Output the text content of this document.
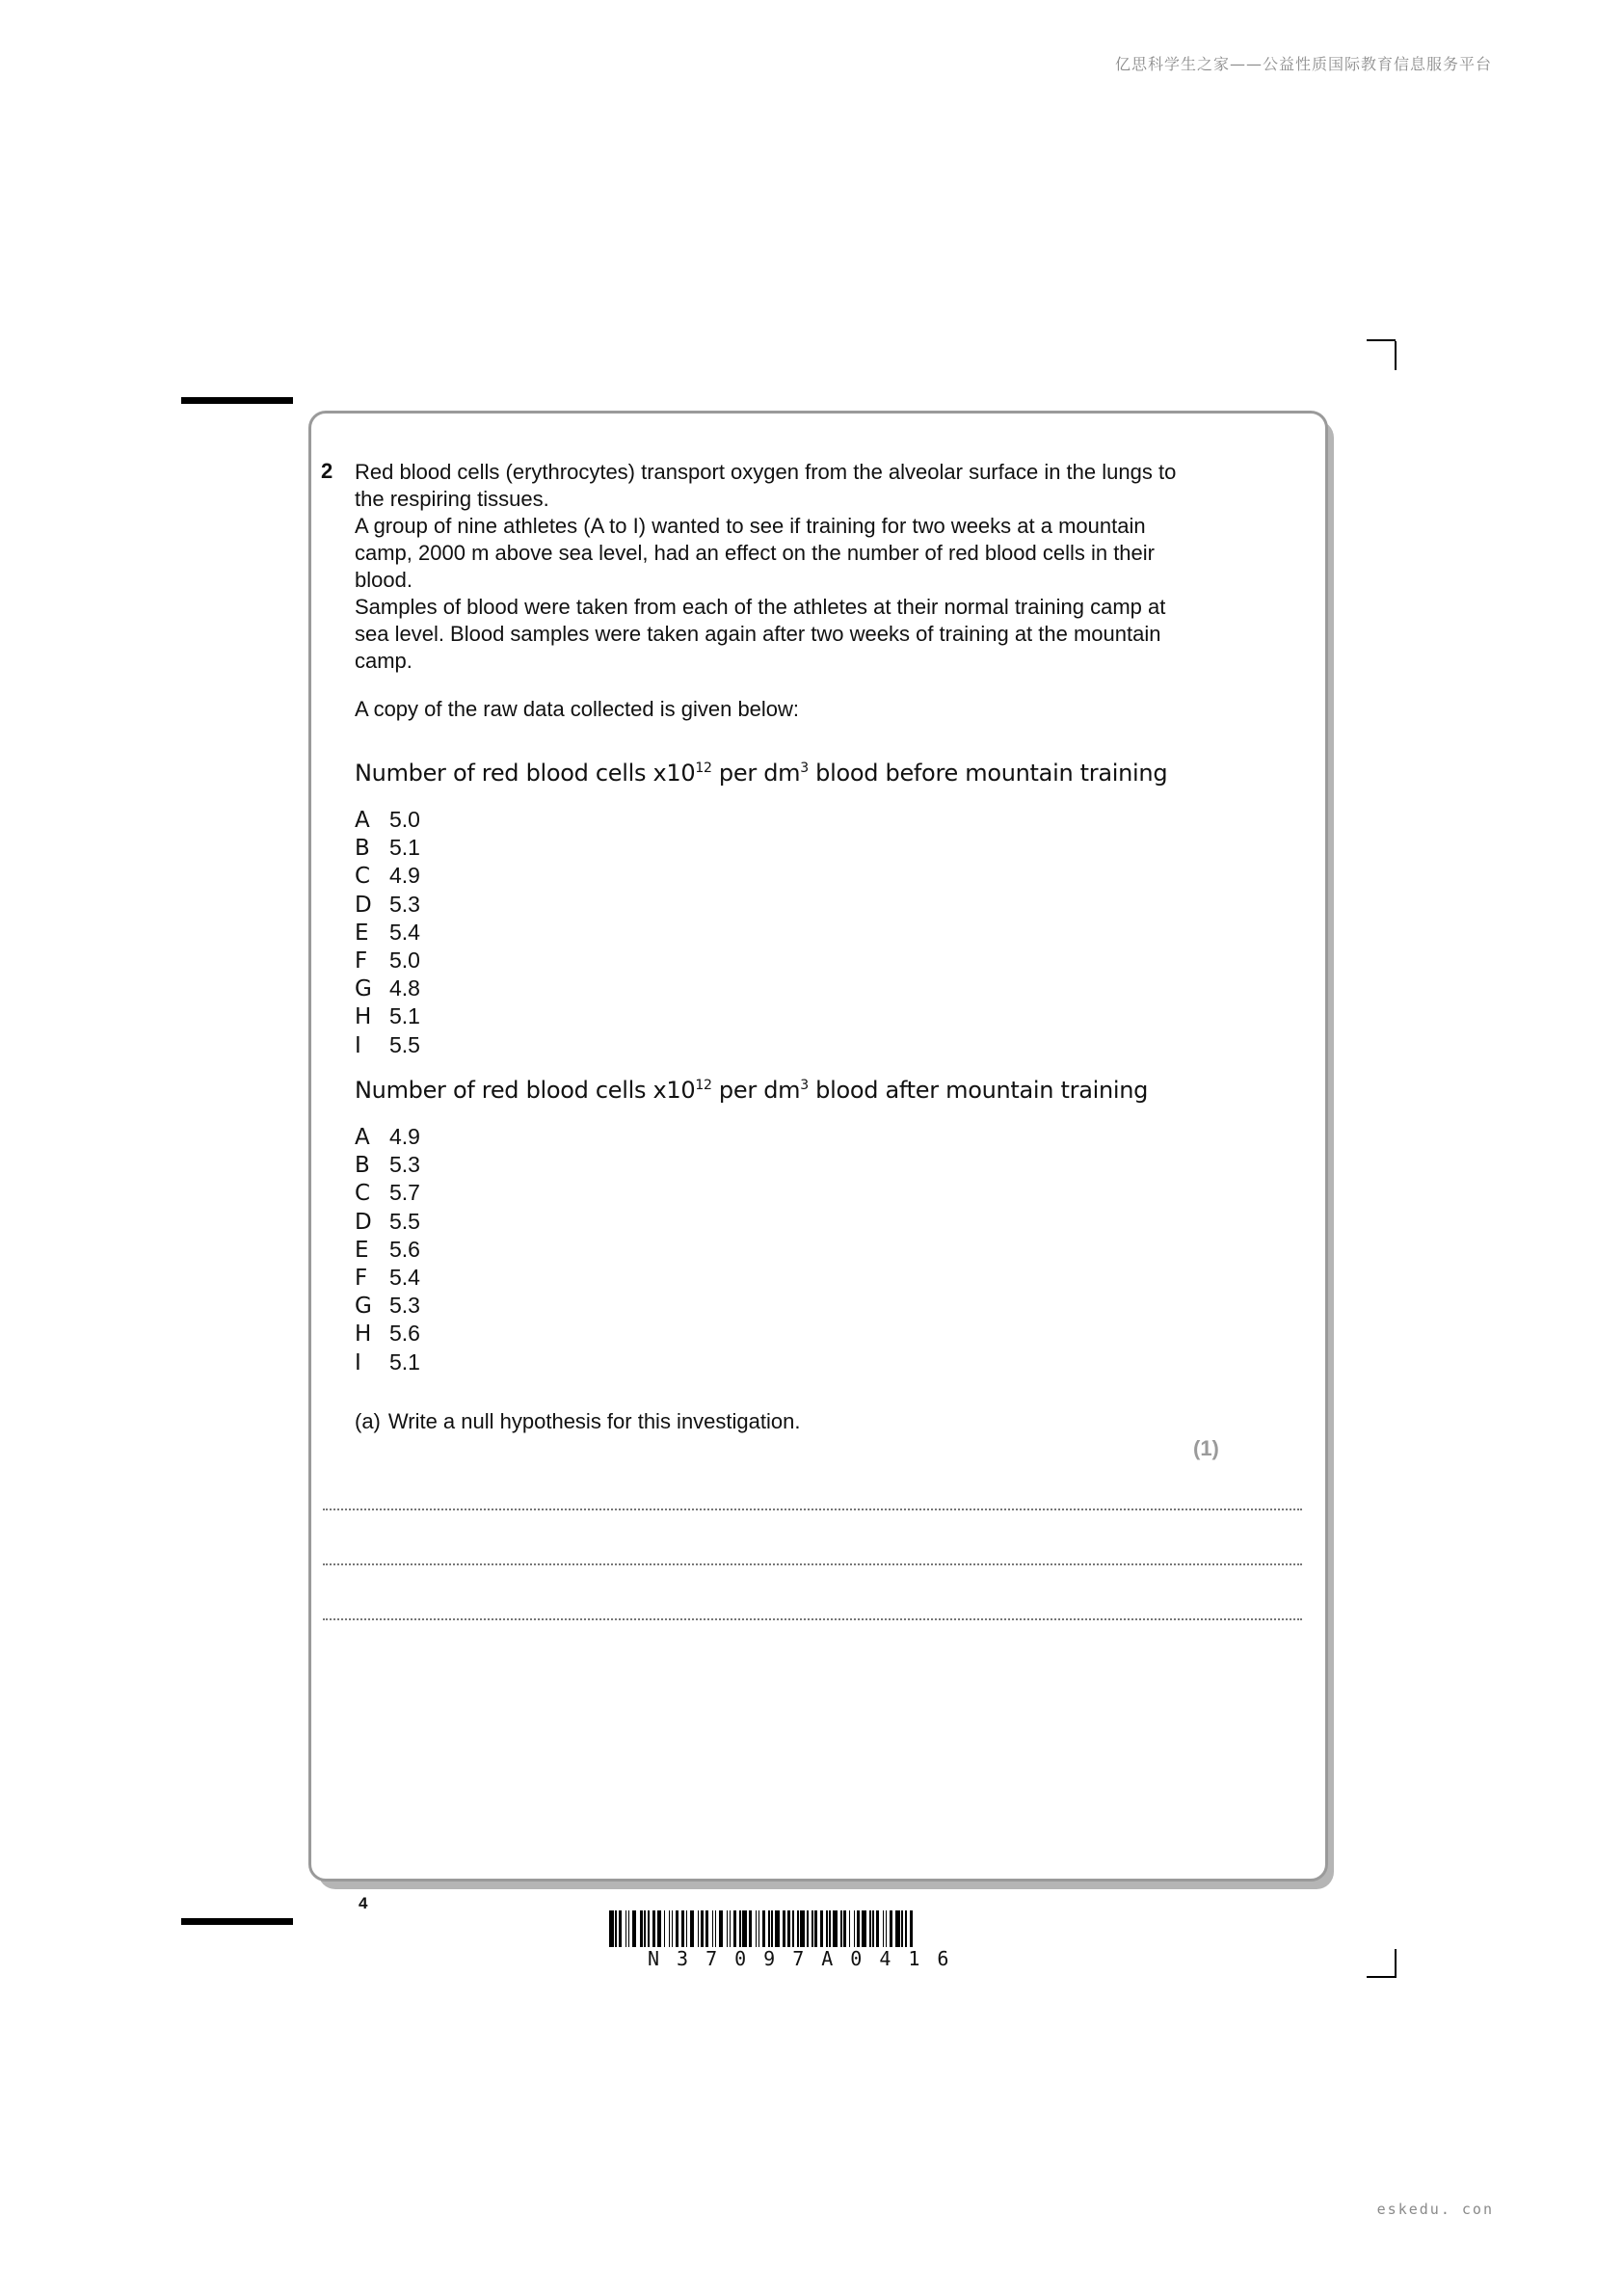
亿思科学生之家——公益性质国际教育信息服务平台
2 Red blood cells (erythrocytes) transport oxygen from the alveolar surface in the lungs to the respiring tissues.

A group of nine athletes (A to I) wanted to see if training for two weeks at a mountain camp, 2000 m above sea level, had an effect on the number of red blood cells in their blood.

Samples of blood were taken from each of the athletes at their normal training camp at sea level. Blood samples were taken again after two weeks of training at the mountain camp.

A copy of the raw data collected is given below:
Number of red blood cells $x10^{12}$ per $dm^3$ blood before mountain training
A 5.0
B 5.1
C 4.9
D 5.3
E 5.4
F 5.0
G 4.8
H 5.1
I 5.5
Number of red blood cells $x10^{12}$ per $dm^3$ blood after mountain training
A 4.9
B 5.3
C 5.7
D 5.5
E 5.6
F 5.4
G 5.3
H 5.6
I 5.1
(a) Write a null hypothesis for this investigation.
(1)
4
N37097A0416
eskedu. con
